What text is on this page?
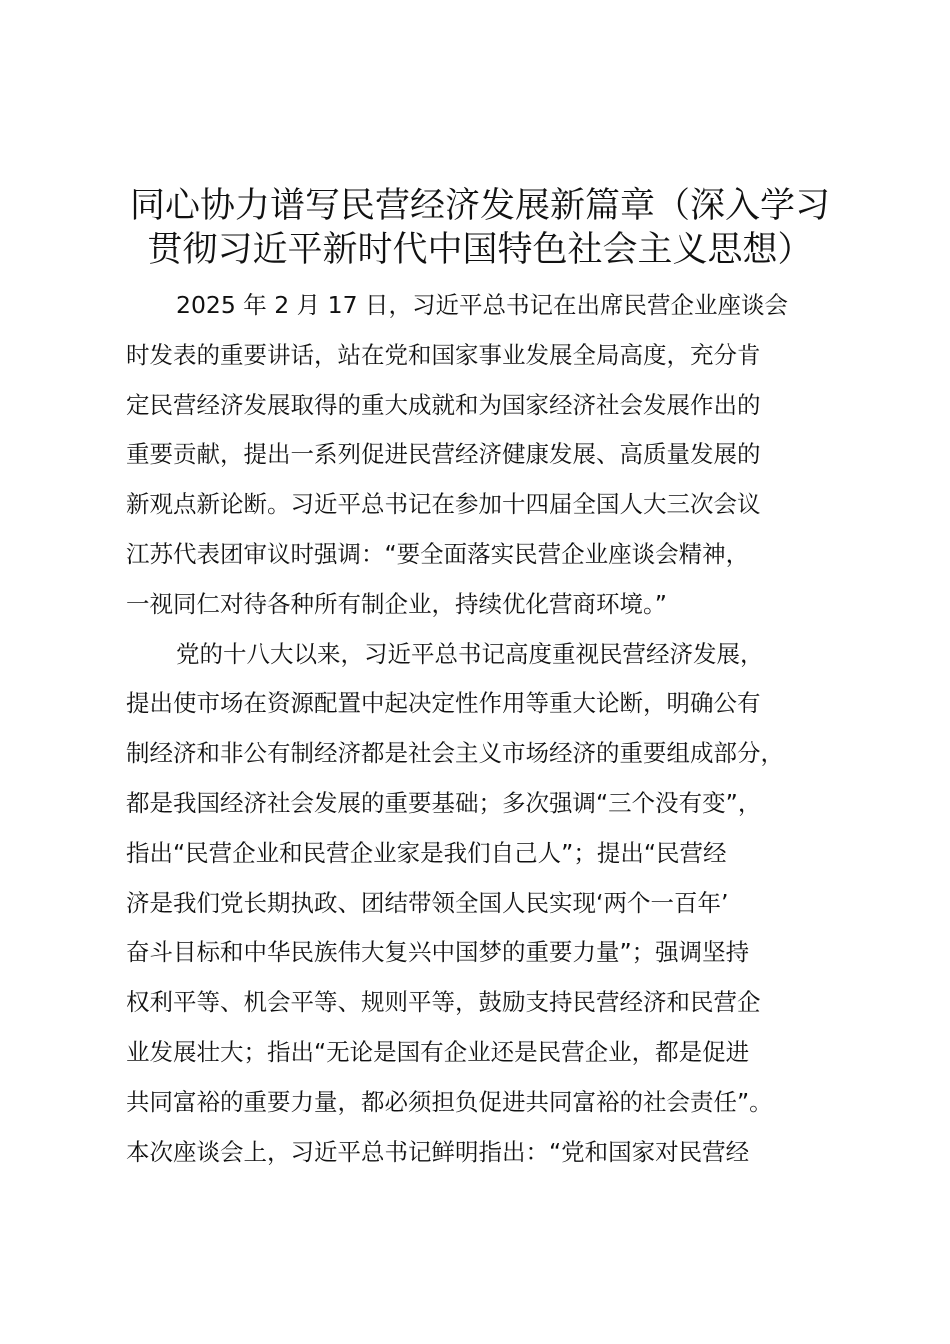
同心协力谱写民营经济发展新篇章（深入学习
贯彻习近平新时代中国特色社会主义思想）
2025 年 2 月 17 日，习近平总书记在出席民营企业座谈会
时发表的重要讲话，站在党和国家事业发展全局高度，充分肯
定民营经济发展取得的重大成就和为国家经济社会发展作出的
重要贡献，提出一系列促进民营经济健康发展、高质量发展的
新观点新论断。习近平总书记在参加十四届全国人大三次会议
江苏代表团审议时强调：“要全面落实民营企业座谈会精神，
一视同仁对待各种所有制企业，持续优化营商环境。”
党的十八大以来，习近平总书记高度重视民营经济发展，
提出使市场在资源配置中起决定性作用等重大论断，明确公有
制经济和非公有制经济都是社会主义市场经济的重要组成部分，
都是我国经济社会发展的重要基础；多次强调“三个没有变”，
指出“民营企业和民营企业家是我们自己人”；提出“民营经
济是我们党长期执政、团结带领全国人民实现‘两个一百年’
奋斗目标和中华民族伟大复兴中国梦的重要力量”；强调坚持
权利平等、机会平等、规则平等，鼓励支持民营经济和民营企
业发展壮大；指出“无论是国有企业还是民营企业，都是促进
共同富裕的重要力量，都必须担负促进共同富裕的社会责任”。
本次座谈会上，习近平总书记鲜明指出：“党和国家对民营经
